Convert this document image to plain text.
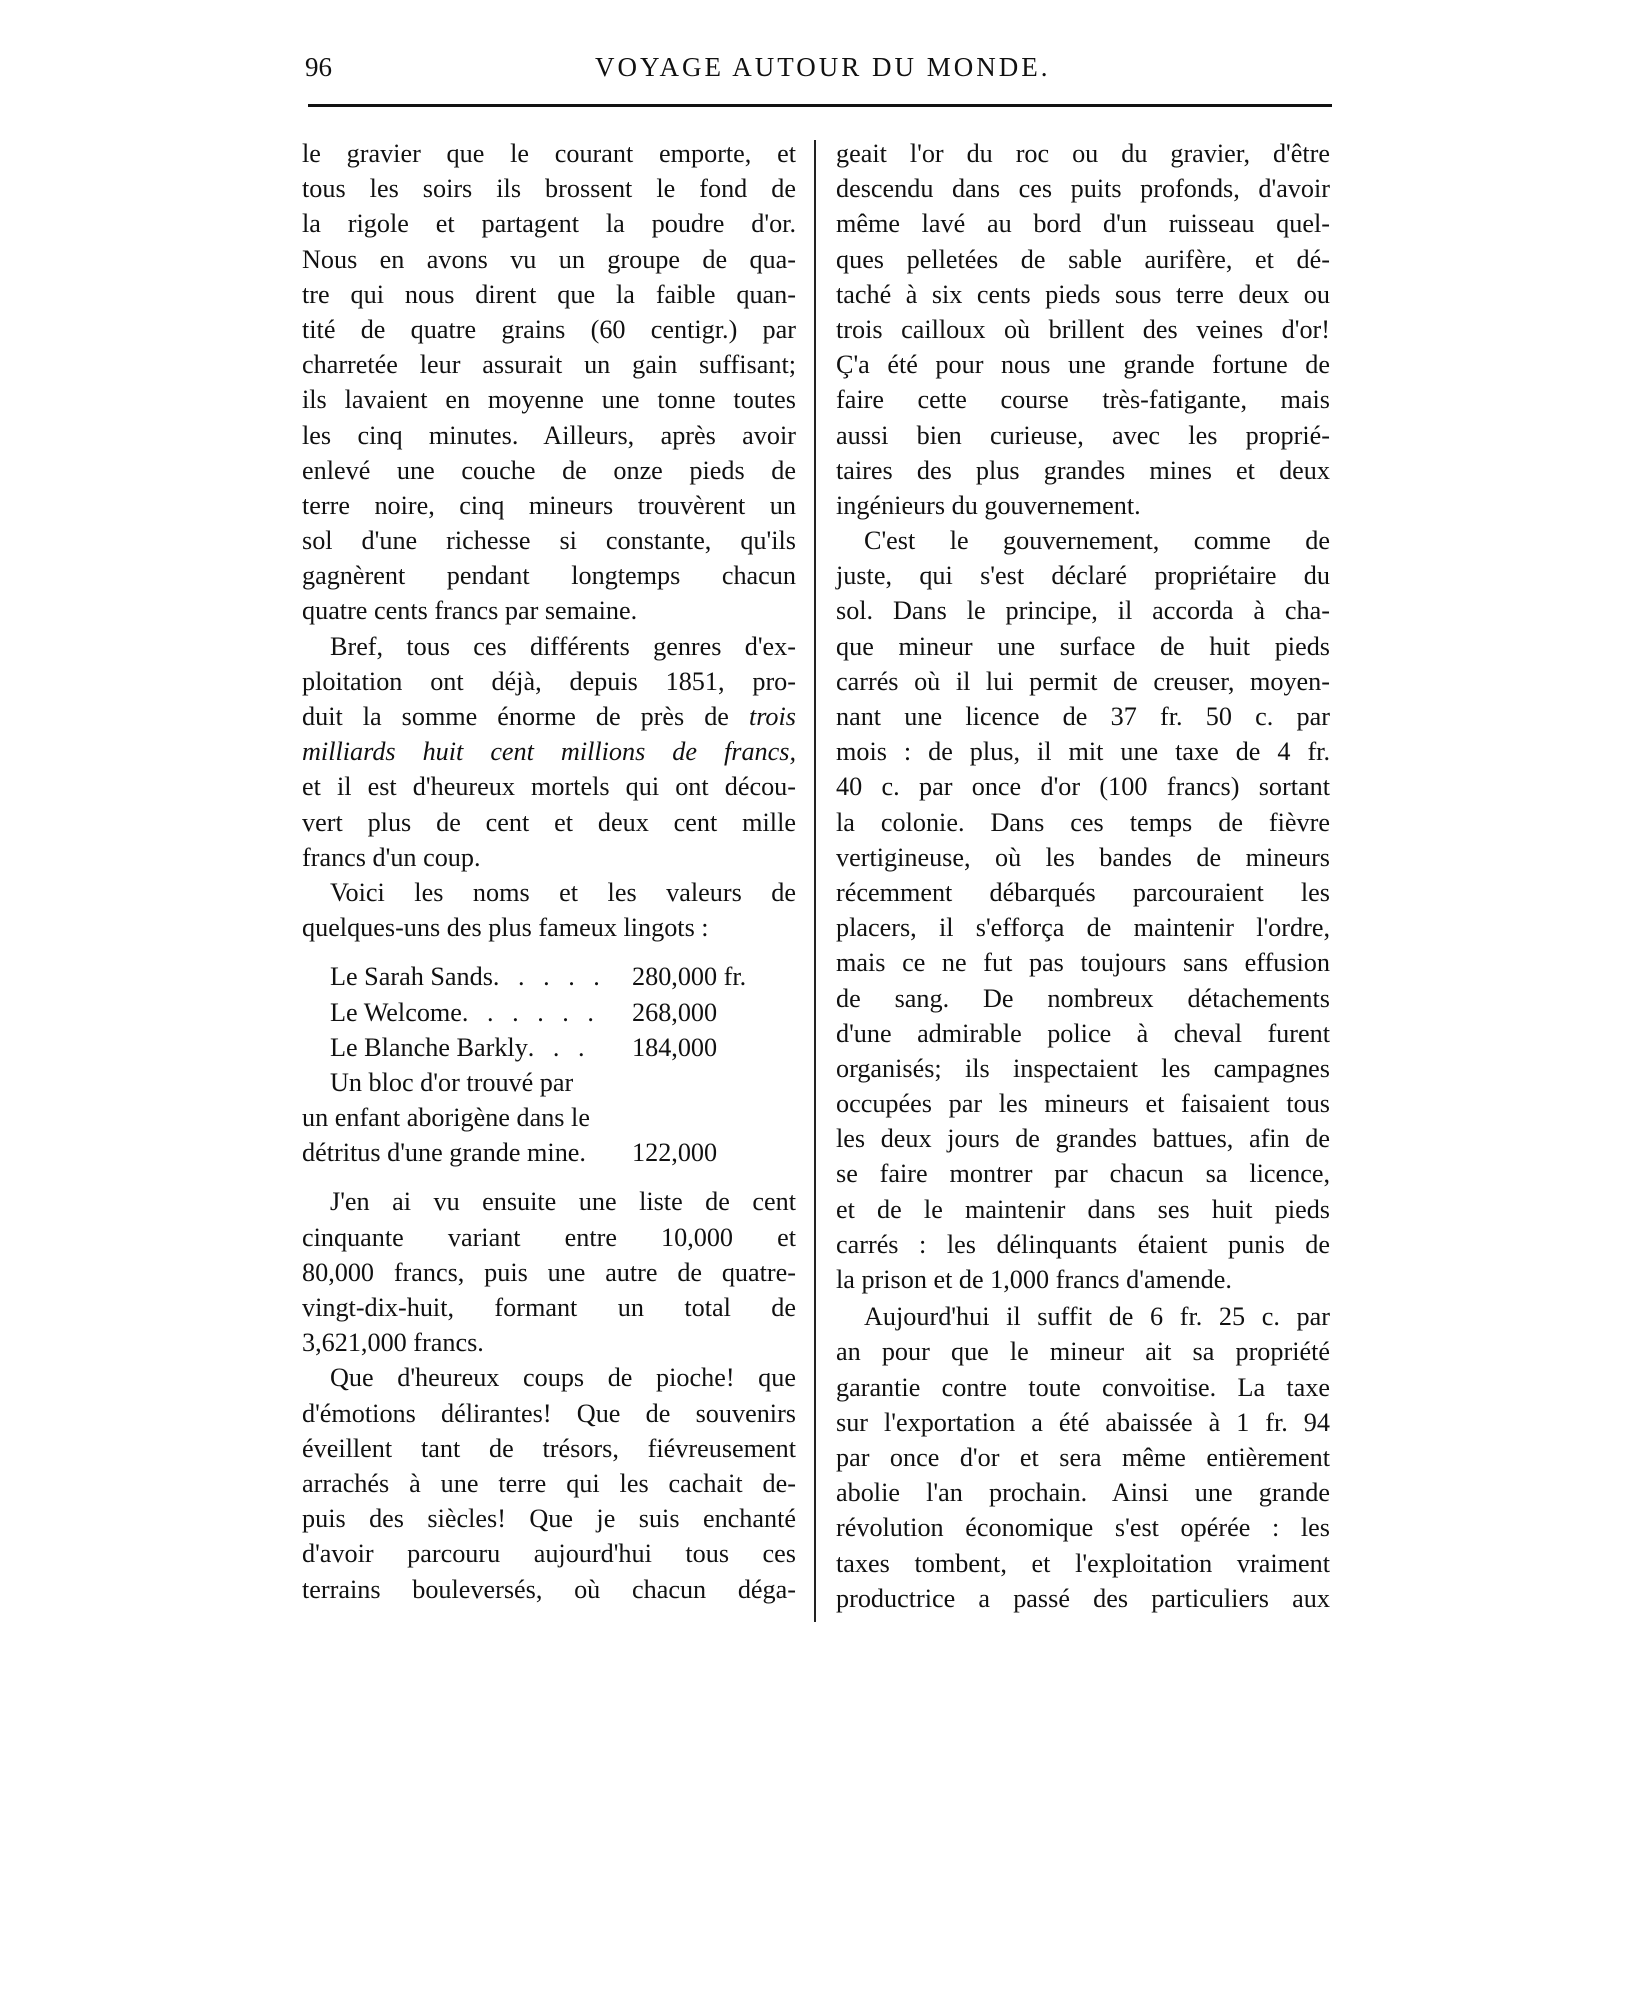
96	VOYAGE AUTOUR DU MONDE.
le gravier que le courant emporte, et
tous les soirs ils brossent le fond de
la rigole et partagent la poudre d'or.
Nous en avons vu un groupe de qua-
tre qui nous dirent que la faible quan-
tité de quatre grains (60 centigr.) par
charretée leur assurait un gain suffisant;
ils lavaient en moyenne une tonne toutes
les cinq minutes. Ailleurs, après avoir
enlevé une couche de onze pieds de
terre noire, cinq mineurs trouvèrent un
sol d'une richesse si constante, qu'ils
gagnèrent pendant longtemps chacun
quatre cents francs par semaine.
Bref, tous ces différents genres d'ex-
ploitation ont déjà, depuis 1851, pro-
duit la somme énorme de près de trois
milliards huit cent millions de francs,
et il est d'heureux mortels qui ont décou-
vert plus de cent et deux cent mille
francs d'un coup.
Voici les noms et les valeurs de
quelques-uns des plus fameux lingots :
Le Sarah Sands. . . . . 280,000 fr.
Le Welcome. . . . . .	268,000
Le Blanche Barkly. . .	184,000
Un bloc d'or trouvé par
un enfant aborigène dans le
détritus d'une grande mine.	122,000
J'en ai vu ensuite une liste de cent
cinquante variant entre 10,000 et
80,000 francs, puis une autre de quatre-
vingt-dix-huit, formant un total de
3,621,000 francs.
Que d'heureux coups de pioche! que
d'émotions délirantes! Que de souvenirs
éveillent tant de trésors, fiévreusement
arrachés à une terre qui les cachait de-
puis des siècles! Que je suis enchanté
d'avoir parcouru aujourd'hui tous ces
terrains bouleversés, où chacun déga-
geait l'or du roc ou du gravier, d'être
descendu dans ces puits profonds, d'avoir
même lavé au bord d'un ruisseau quel-
ques pelletées de sable aurifère, et dé-
taché à six cents pieds sous terre deux ou
trois cailloux où brillent des veines d'or!
Ç'a été pour nous une grande fortune de
faire cette course très-fatigante, mais
aussi bien curieuse, avec les proprié-
taires des plus grandes mines et deux
ingénieurs du gouvernement.
C'est le gouvernement, comme de
juste, qui s'est déclaré propriétaire du
sol. Dans le principe, il accorda à cha-
que mineur une surface de huit pieds
carrés où il lui permit de creuser, moyen-
nant une licence de 37 fr. 50 c. par
mois : de plus, il mit une taxe de 4 fr.
40 c. par once d'or (100 francs) sortant
la colonie. Dans ces temps de fièvre
vertigineuse, où les bandes de mineurs
récemment débarqués parcouraient les
placers, il s'efforça de maintenir l'ordre,
mais ce ne fut pas toujours sans effusion
de sang. De nombreux détachements
d'une admirable police à cheval furent
organisés; ils inspectaient les campagnes
occupées par les mineurs et faisaient tous
les deux jours de grandes battues, afin de
se faire montrer par chacun sa licence,
et de le maintenir dans ses huit pieds
carrés : les délinquants étaient punis de
la prison et de 1,000 francs d'amende.
Aujourd'hui il suffit de 6 fr. 25 c. par
an pour que le mineur ait sa propriété
garantie contre toute convoitise. La taxe
sur l'exportation a été abaissée à 1 fr. 94
par once d'or et sera même entièrement
abolie l'an prochain. Ainsi une grande
révolution économique s'est opérée : les
taxes tombent, et l'exploitation vraiment
productrice a passé des particuliers aux
